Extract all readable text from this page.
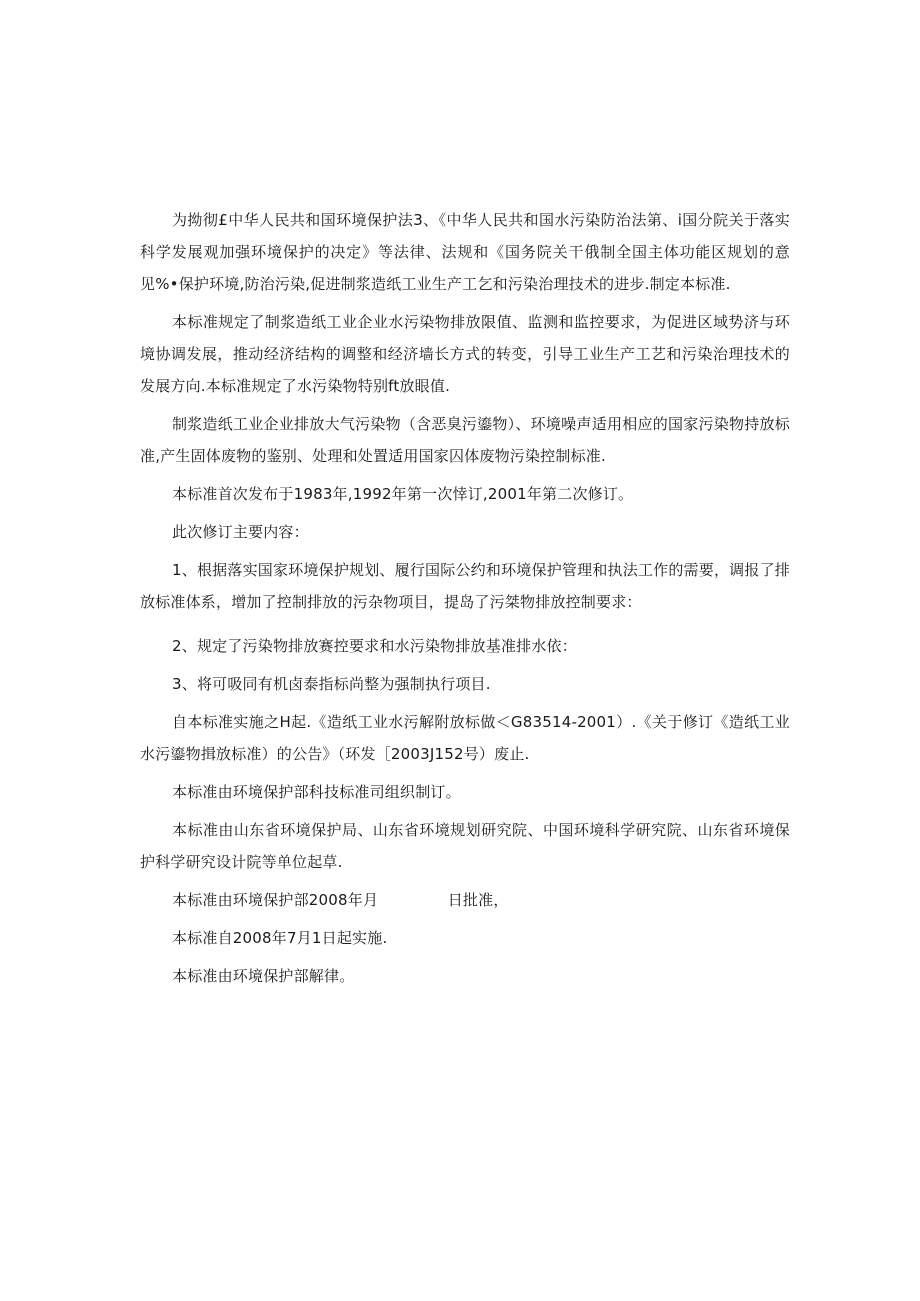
为拗彻£中华人民共和国环境保护法3、《中华人民共和国水污染防治法第、i国分院关于落实科学发展观加强环境保护的决定》等法律、法规和《国务院关干俄制全国主体功能区规划的意见%•保护环境,防治污染,促进制浆造纸工业生产工乞和污染治理技术的进步.制定本标准.

本标准规定了制浆造纸工业企业水污染物排放限值、监测和监控要求，为促进区域势济与环境协调发展，推动经济结构的调整和经济墙长方式的转变，引导工业生产工艺和污染治理技术的发展方向.本标准规定了水污染物特别ft放眼值.

制浆造纸工业企业排放大气污染物（含恶臭污鎏物）、环境噪声适用相应的国家污染物持放标准,产生固体废物的鉴别、处理和处置适用国家囚体废物污染控制标准.

本标准首次发布于1983年,1992年第一次悻订,2001年第二次修订。

此次修订主要内容：

1、根据落实国家环境保护规划、履行国际公约和环境保护管理和执法工作的需要，调报了排放标准体系，增加了控制排放的污杂物项目，提岛了污桀物排放控制要求：

2、规定了污染物排放赛控要求和水污染物排放基准排水依：

3、将可吸同有机卤泰指标尚整为强制执行项目.

自本标准实施之H起.《造纸工业水污解附放标做＜G83514-2001）.《关于修订《造纸工业水污鎏物揖放标准）的公告》（环发［2003J152号）废止.

本标准由环境保护部科技标准司组织制订。

本标准由山东省环境保护局、山东省环境规划研究院、中国环境科学研究院、山东省环境保护科学研究设计院等单位起草.

本标准由环境保护部2008年月              日批准，

本标准自2008年7月1日起实施.

本标准由环境保护部解律。
